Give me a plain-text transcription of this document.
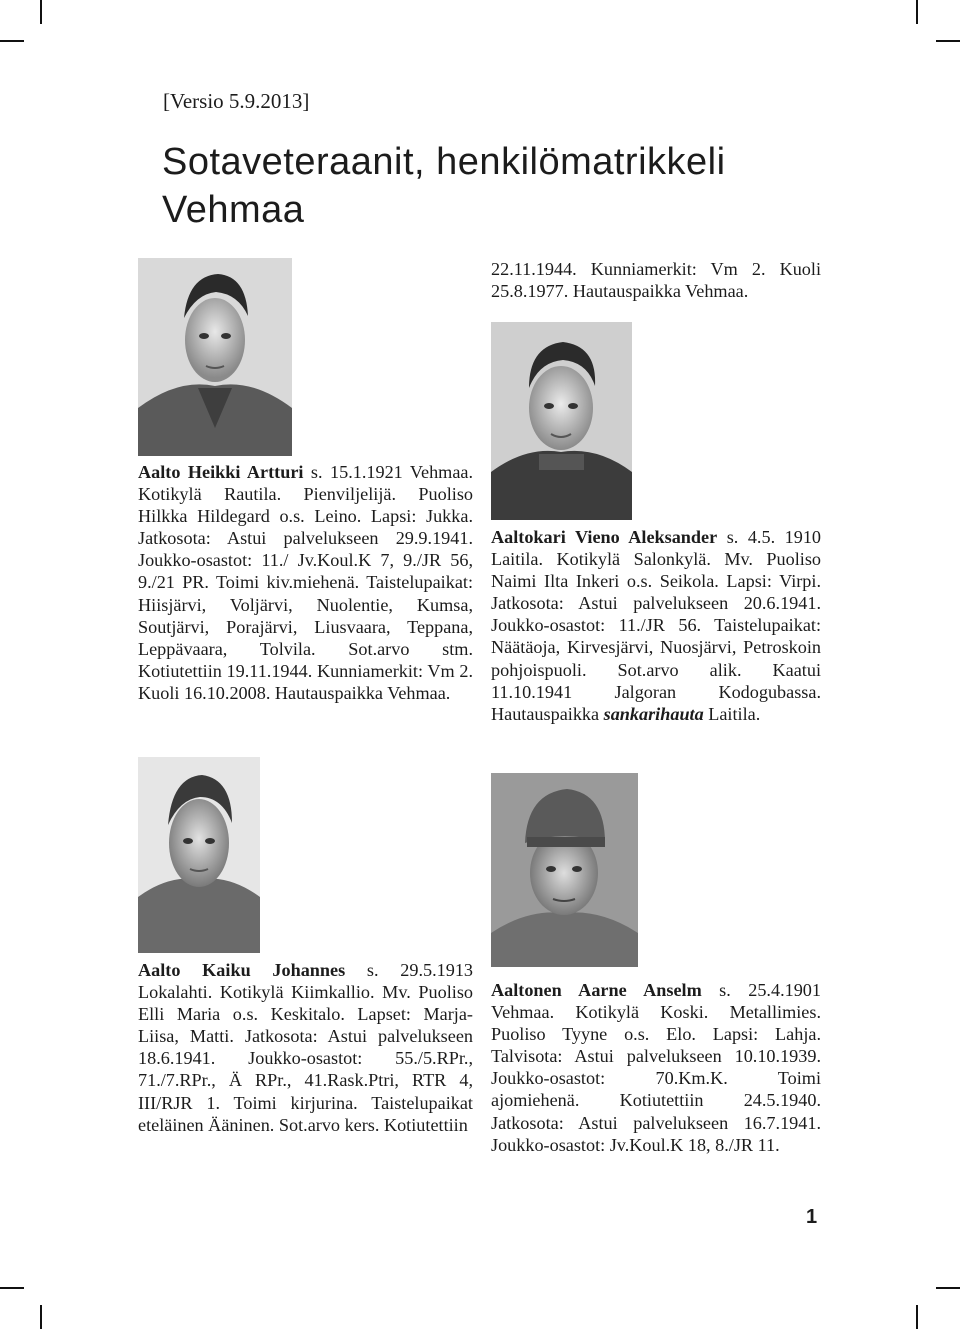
[Versio 5.9.2013]
Sotaveteraanit, henkilömatrikkeli
Vehmaa
Aalto Heikki Artturi s. 15.1.1921 Vehmaa. Kotikylä Rautila. Pienviljelijä. Puoliso Hilkka Hildegard o.s. Leino. Lapsi: Jukka. Jatkosota: Astui palvelukseen 29.9.1941. Joukko-osastot: 11./ Jv.Koul.K 7, 9./JR 56, 9./21 PR. Toimi kiv.miehenä. Taistelupaikat: Hiisjärvi, Voljärvi, Nuolentie, Kumsa, Soutjärvi, Porajärvi, Liusvaara, Teppana, Leppävaara, Tolvila. Sot.arvo stm. Kotiutettiin 19.11.1944. Kunniamerkit: Vm 2. Kuoli 16.10.2008. Hautauspaikka Vehmaa.
Aalto Kaiku Johannes s. 29.5.1913 Lokalahti. Kotikylä Kiimkallio. Mv. Puoliso Elli Maria o.s. Keskitalo. Lapset: Marja-Liisa, Matti. Jatkosota: Astui palvelukseen 18.6.1941. Joukko-osastot: 55./5.RPr., 71./7.RPr., Ä RPr., 41.Rask.Ptri, RTR 4, III/RJR 1. Toimi kirjurina. Taistelupaikat eteläinen Ääninen. Sot.arvo kers. Kotiutettiin
22.11.1944. Kunniamerkit: Vm 2. Kuoli 25.8.1977. Hautauspaikka Vehmaa.
Aaltokari Vieno Aleksander s. 4.5. 1910 Laitila. Kotikylä Salonkylä. Mv. Puoliso Naimi Ilta Inkeri o.s. Seikola. Lapsi: Virpi. Jatkosota: Astui palvelukseen 20.6.1941. Joukko-osastot: 11./JR 56. Taistelupaikat: Näätäoja, Kirvesjärvi, Nuosjärvi, Petroskoin pohjoispuoli. Sot.arvo alik. Kaatui 11.10.1941 Jalgoran Kodogubassa. Hautauspaikka sankarihauta Laitila.
Aaltonen Aarne Anselm s. 25.4.1901 Vehmaa. Kotikylä Koski. Metallimies. Puoliso Tyyne o.s. Elo. Lapsi: Lahja. Talvisota: Astui palvelukseen 10.10.1939. Joukko-osastot: 70.Km.K. Toimi ajomiehenä. Kotiutettiin 24.5.1940. Jatkosota: Astui palvelukseen 16.7.1941. Joukko-osastot: Jv.Koul.K 18, 8./JR 11.
1
